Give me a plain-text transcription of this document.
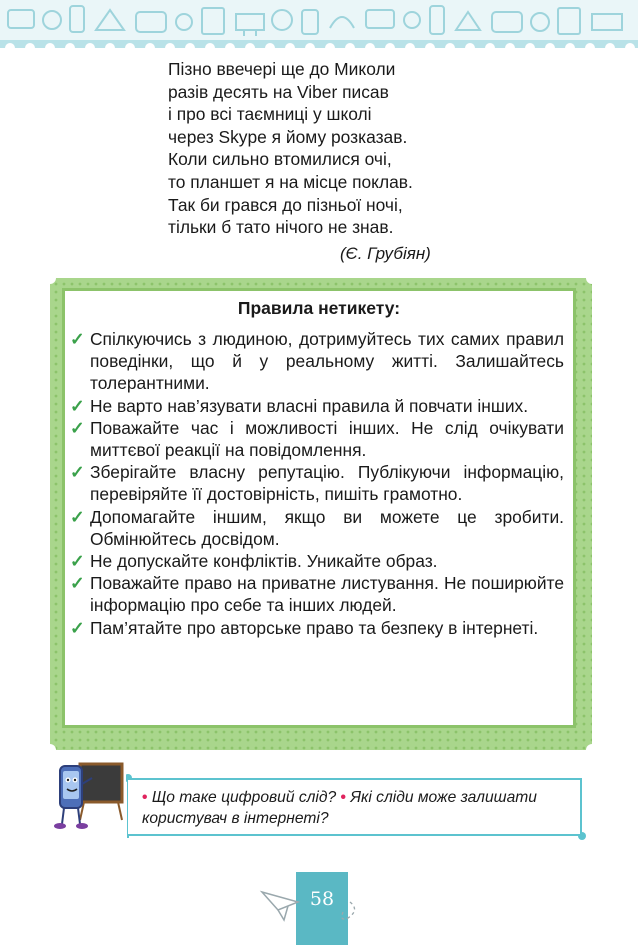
Пізно ввечері ще до Миколи
разів десять на Viber писав
і про всі таємниці у школі
через Skype я йому розказав.
Коли сильно втомилися очі,
то планшет я на місце поклав.
Так би грався до пізньої ночі,
тільки б тато нічого не знав.
(Є. Грубіян)
Правила нетикету:
✓ Спілкуючись з людиною, дотримуйтесь тих самих правил поведінки, що й у реальному житті. Залишайтесь толерантними.
✓ Не варто нав’язувати власні правила й повчати інших.
✓ Поважайте час і можливості інших. Не слід очікувати миттєвої реакції на повідомлення.
✓ Зберігайте власну репутацію. Публікуючи інформацію, перевіряйте її достовірність, пишіть грамотно.
✓ Допомагайте іншим, якщо ви можете це зробити. Обмінюйтесь досвідом.
✓ Не допускайте конфліктів. Уникайте образ.
✓ Поважайте право на приватне листування. Не поширюйте інформацію про себе та інших людей.
✓ Пам’ятайте про авторське право та безпеку в інтернеті.
• Що таке цифровий слід? • Які сліди може залишати користувач в інтернеті?
58
